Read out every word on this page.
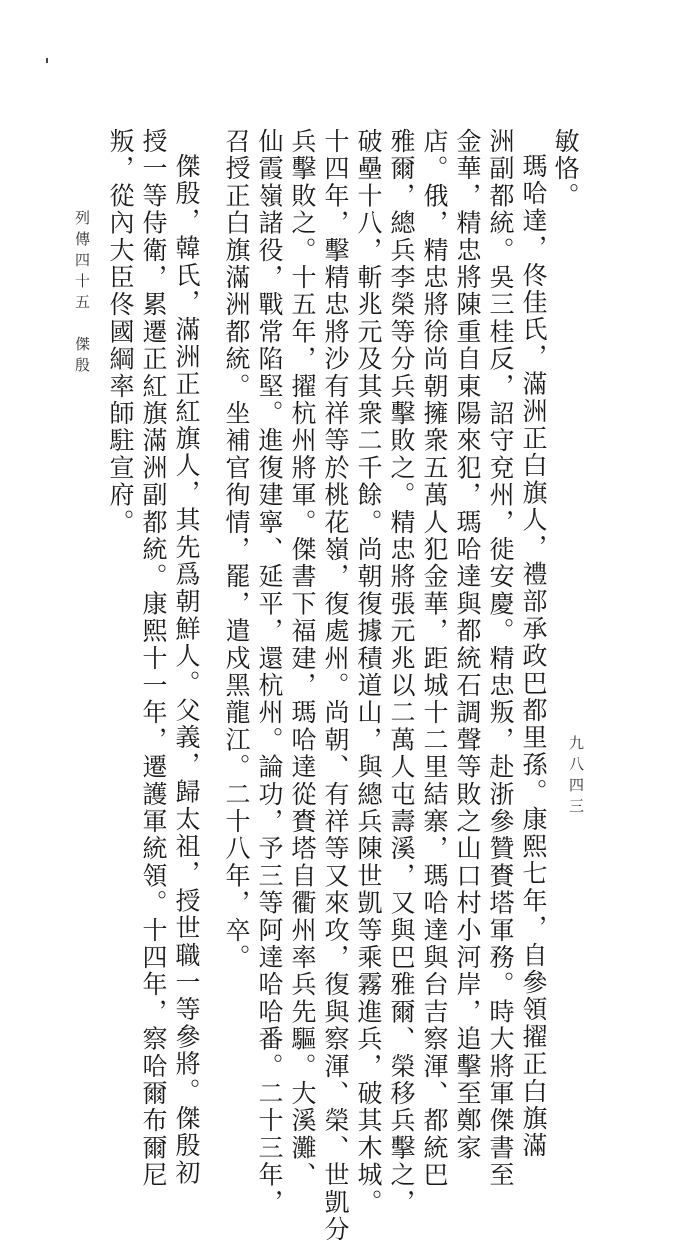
敏恪。
瑪哈達，佟佳氏，滿洲正白旗人，禮部承政巴都里孫。康熙七年，自參領擢正白旗滿
洲副都統。吳三桂反，詔守兗州，徙安慶。精忠叛，赴浙參贊賚塔軍務。時大將軍傑書至
金華，精忠將陳重自東陽來犯，瑪哈達與都統石調聲等敗之山口村小河岸，追擊至鄭家
店。俄，精忠將徐尚朝擁衆五萬人犯金華，距城十二里結寨，瑪哈達與台吉察渾、都統巴
雅爾，總兵李榮等分兵擊敗之。精忠將張元兆以二萬人屯壽溪，又與巴雅爾、榮移兵擊之，
破壘十八，斬兆元及其衆二千餘。尚朝復據積道山，與總兵陳世凱等乘霧進兵，破其木城。
十四年，擊精忠將沙有祥等於桃花嶺，復處州。尚朝、有祥等又來攻，復與察渾、榮、世凱分
兵擊敗之。十五年，擢杭州將軍。傑書下福建，瑪哈達從賚塔自衢州率兵先驅。大溪灘、
仙霞嶺諸役，戰常陷堅。進復建寧、延平，還杭州。論功，予三等阿達哈哈番。二十三年，
召授正白旗滿洲都統。坐補官徇情，罷，遣戍黑龍江。二十八年，卒。
傑殷，韓氏，滿洲正紅旗人，其先爲朝鮮人。父義，歸太祖，授世職一等參將。傑殷初
授一等侍衛，累遷正紅旗滿洲副都統。康熙十一年，遷護軍統領。十四年，察哈爾布爾尼
叛，從內大臣佟國綱率師駐宣府。
列傳四十五　傑殷
九八四三
